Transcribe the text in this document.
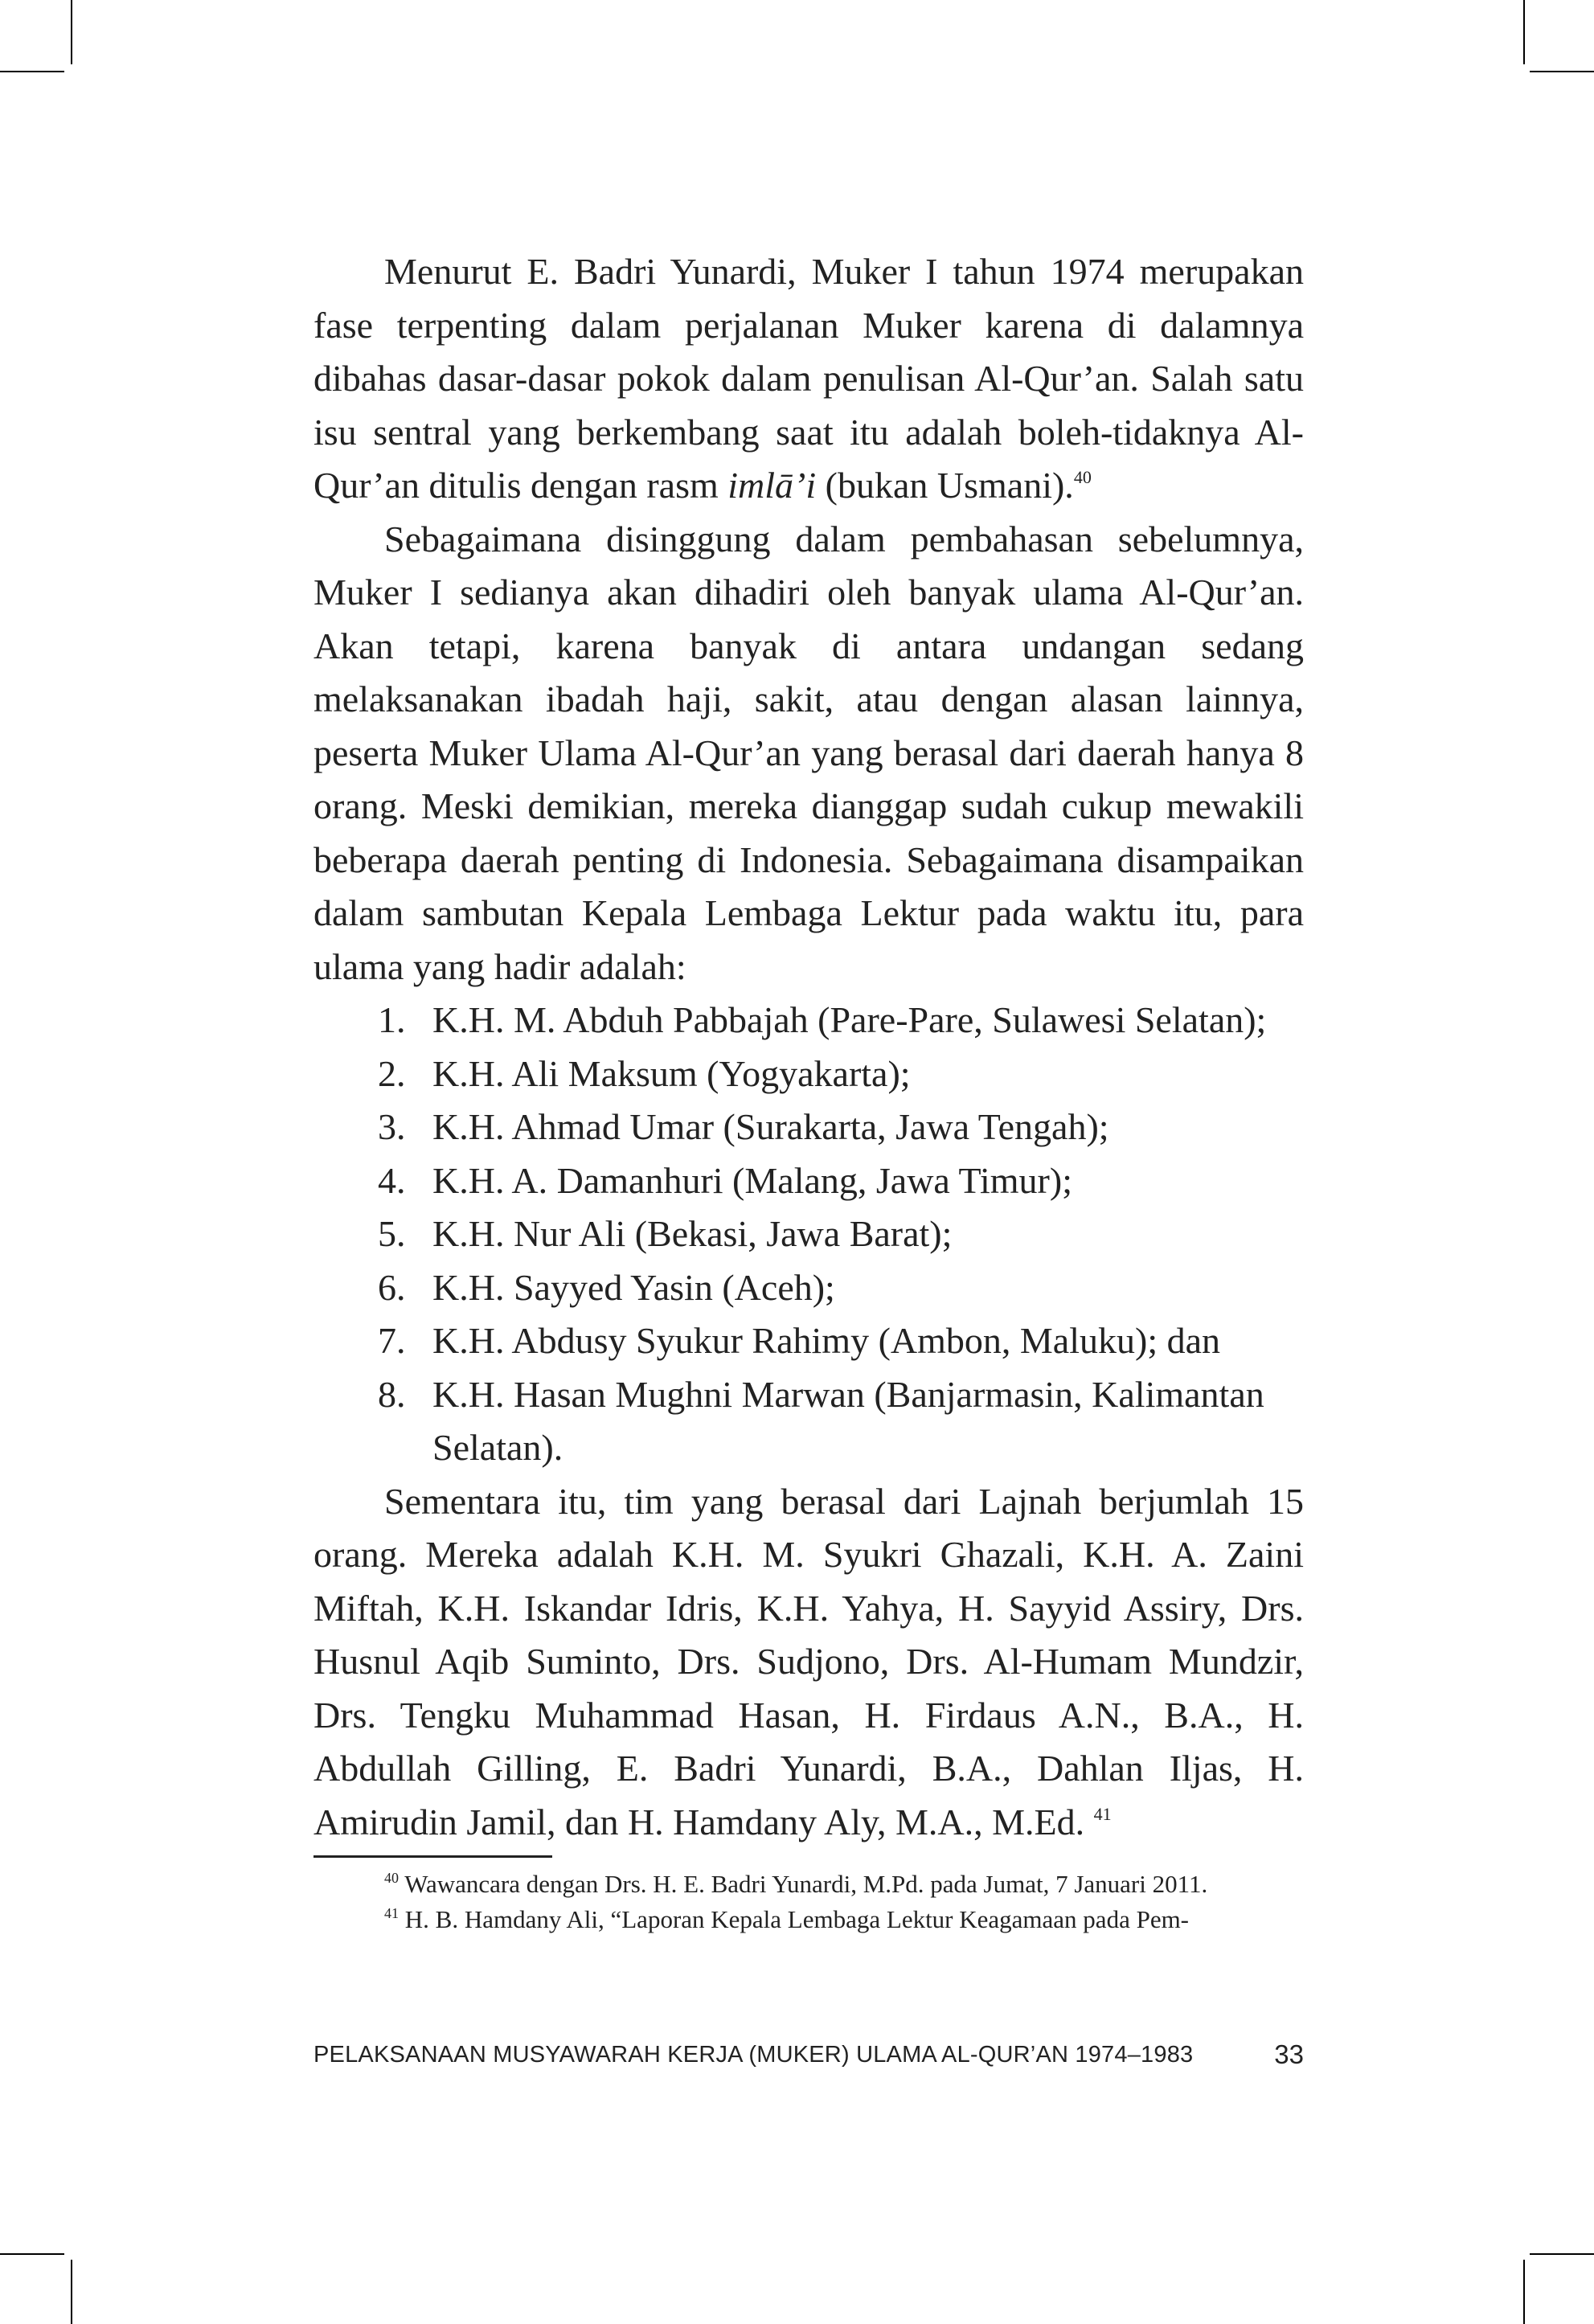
Menurut E. Badri Yunardi, Muker I tahun 1974 merupakan fase terpenting dalam perjalanan Muker karena di dalamnya dibahas dasar-dasar pokok dalam penulisan Al-Qur’an. Salah satu isu sentral yang berkembang saat itu adalah boleh-tidaknya Al-Qur’an ditulis dengan rasm imlā’i (bukan Usmani).$^{40}$

Sebagaimana disinggung dalam pembahasan sebelumnya, Muker I sedianya akan dihadiri oleh banyak ulama Al-Qur’an. Akan tetapi, karena banyak di antara undangan sedang melaksanakan ibadah haji, sakit, atau dengan alasan lainnya, peserta Muker Ulama Al-Qur’an yang berasal dari daerah hanya 8 orang. Meski demikian, mereka dianggap sudah cukup mewakili beberapa daerah penting di Indonesia. Sebagaimana disampaikan dalam sambutan Kepala Lembaga Lektur pada waktu itu, para ulama yang hadir adalah:

1. K.H. M. Abduh Pabbajah (Pare-Pare, Sulawesi Selatan);
2. K.H. Ali Maksum (Yogyakarta);
3. K.H. Ahmad Umar (Surakarta, Jawa Tengah);
4. K.H. A. Damanhuri (Malang, Jawa Timur);
5. K.H. Nur Ali (Bekasi, Jawa Barat);
6. K.H. Sayyed Yasin (Aceh);
7. K.H. Abdusy Syukur Rahimy (Ambon, Maluku); dan
8. K.H. Hasan Mughni Marwan (Banjarmasin, Kalimantan Selatan).

Sementara itu, tim yang berasal dari Lajnah berjumlah 15 orang. Mereka adalah K.H. M. Syukri Ghazali, K.H. A. Zaini Miftah, K.H. Iskandar Idris, K.H. Yahya, H. Sayyid Assiry, Drs. Husnul Aqib Suminto, Drs. Sudjono, Drs. Al-Humam Mundzir, Drs. Tengku Muhammad Hasan, H. Firdaus A.N., B.A., H. Abdullah Gilling, E. Badri Yunardi, B.A., Dahlan Iljas, H. Amirudin Jamil, dan H. Hamdany Aly, M.A., M.Ed. $^{41}$

$^{40}$ Wawancara dengan Drs. H. E. Badri Yunardi, M.Pd. pada Jumat, 7 Januari 2011.

$^{41}$ H. B. Hamdany Ali, “Laporan Kepala Lembaga Lektur Keagamaan pada Pem-

PELAKSANAAN MUSYAWARAH KERJA (MUKER) ULAMA AL-QUR’AN 1974–1983	33
